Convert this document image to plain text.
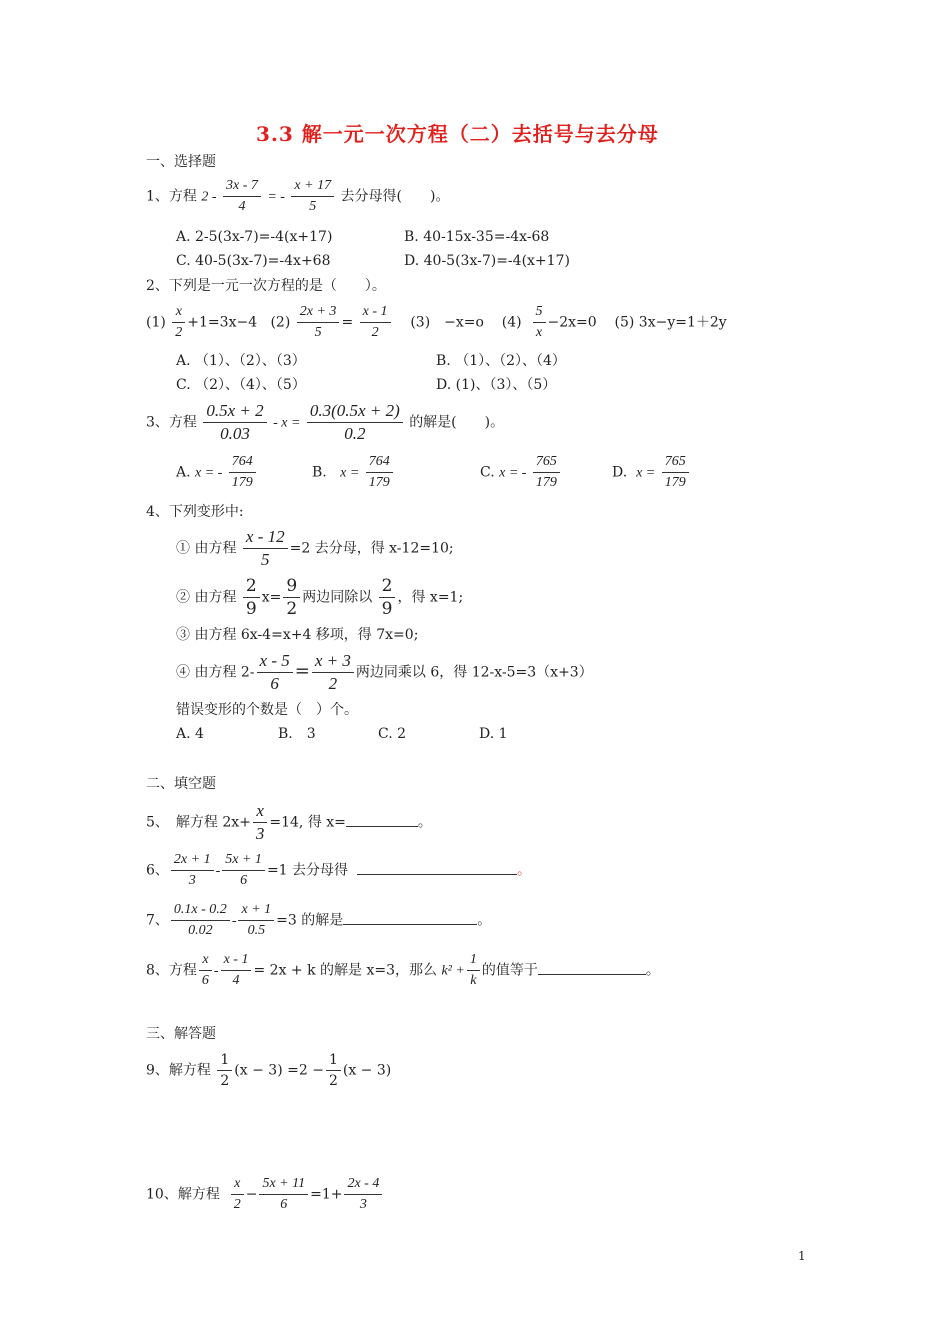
3.3 解一元一次方程（二）去括号与去分母
一、选择题
1、方程 $2 - \frac{3x - 7}{4}$ = - $\frac{x + 17}{5}$ 去分母得(　　)。
A. 2-5(3x-7)=-4(x+17)	B. 40-15x-35=-4x-68
C. 40-5(3x-7)=-4x+68	D. 40-5(3x-7)=-4(x+17)
2、下列是一元一次方程的是（　　）。
$(1) \frac{x}{2} +1=3x-4$ $(2) \frac{2x + 3}{5} = \frac{x - 1}{2} (3)$　−x=o $(4) \frac{5}{x} -2x=0$ (5) 3x−y=1＋2y
A. （1）、（2）、（3）	B. （1）、（2）、（4）
C. （2）、（4）、（5）	D. (1)、（3）、（5）
3、方程 $\frac{0.5x + 2}{0.03} - x = \frac{0.3(0.5x + 2)}{0.2}$ 的解是(　　)。
A. x = - $\frac{764}{179}$	B. $x = \frac{764}{179}$	C. x = - $\frac{765}{179}$	D. $x = \frac{765}{179}$
4、下列变形中:
① 由方程 $\frac{x - 12}{5} =2$ 去分母，得 x-12=10;
② 由方程 $\frac{2}{9} x= \frac{9}{2}$ 两边同除以 $\frac{2}{9}$ ，得 x=1;
③ 由方程 6x-4=x+4 移项，得 7x=0;
④ 由方程 $2- \frac{x - 5}{6} = \frac{x + 3}{2}$ 两边同乘以 6，得 12-x-5=3（x+3）
错误变形的个数是（　）个。
A. 4	B.　3	C. 2	D. 1
二、填空题
5、　解方程 $2x+ \frac{x}{3} =14$, 得 x=	。
6、 $\frac{2x + 1}{3} - \frac{5x + 1}{6} =1$ 去分母得	。
7、 $\frac{0.1x - 0.2}{0.02} - \frac{x + 1}{0.5} =3$ 的解是	。
8、方程 $\frac{x}{6} - \frac{x - 1}{4} = 2x + k$ 的解是 x=3，那么 $k^2 + \frac{1}{k}$ 的值等于	。
三、解答题
9、解方程 $\frac{1}{2} (x - 3) =2 - \frac{1}{2} (x - 3)$
10、解方程 $\frac{x}{2} - \frac{5x + 11}{6} =1+ \frac{2x - 4}{3}$
1
